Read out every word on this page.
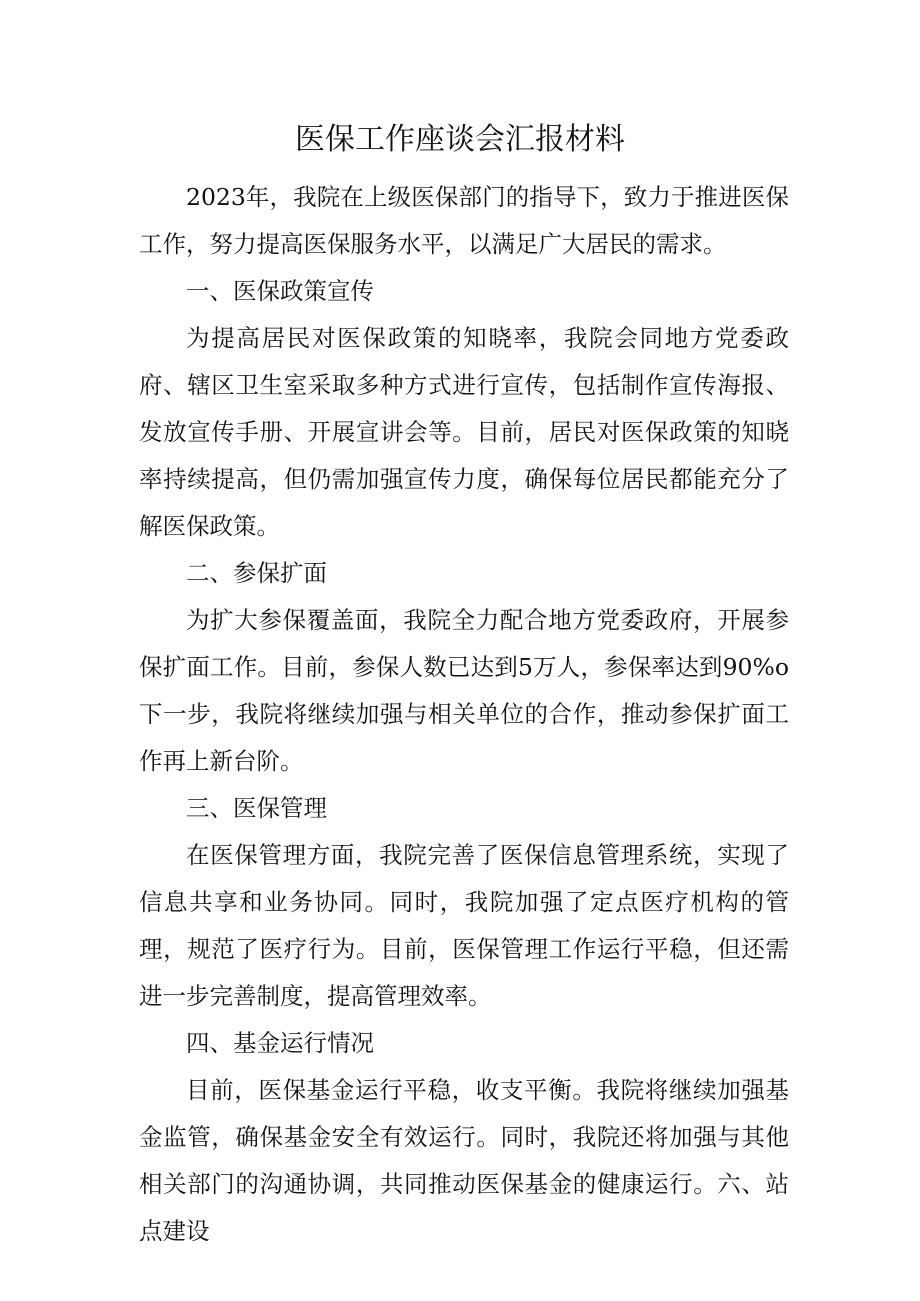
医保工作座谈会汇报材料

2023年，我院在上级医保部门的指导下，致力于推进医保工作，努力提高医保服务水平，以满足广大居民的需求。

一、医保政策宣传

为提高居民对医保政策的知晓率，我院会同地方党委政府、辖区卫生室采取多种方式进行宣传，包括制作宣传海报、发放宣传手册、开展宣讲会等。目前，居民对医保政策的知晓率持续提高，但仍需加强宣传力度，确保每位居民都能充分了解医保政策。

二、参保扩面

为扩大参保覆盖面，我院全力配合地方党委政府，开展参保扩面工作。目前，参保人数已达到5万人，参保率达到90%o下一步，我院将继续加强与相关单位的合作，推动参保扩面工作再上新台阶。

三、医保管理

在医保管理方面，我院完善了医保信息管理系统，实现了信息共享和业务协同。同时，我院加强了定点医疗机构的管理，规范了医疗行为。目前，医保管理工作运行平稳，但还需进一步完善制度，提高管理效率。

四、基金运行情况

目前，医保基金运行平稳，收支平衡。我院将继续加强基金监管，确保基金安全有效运行。同时，我院还将加强与其他相关部门的沟通协调，共同推动医保基金的健康运行。六、站点建设
